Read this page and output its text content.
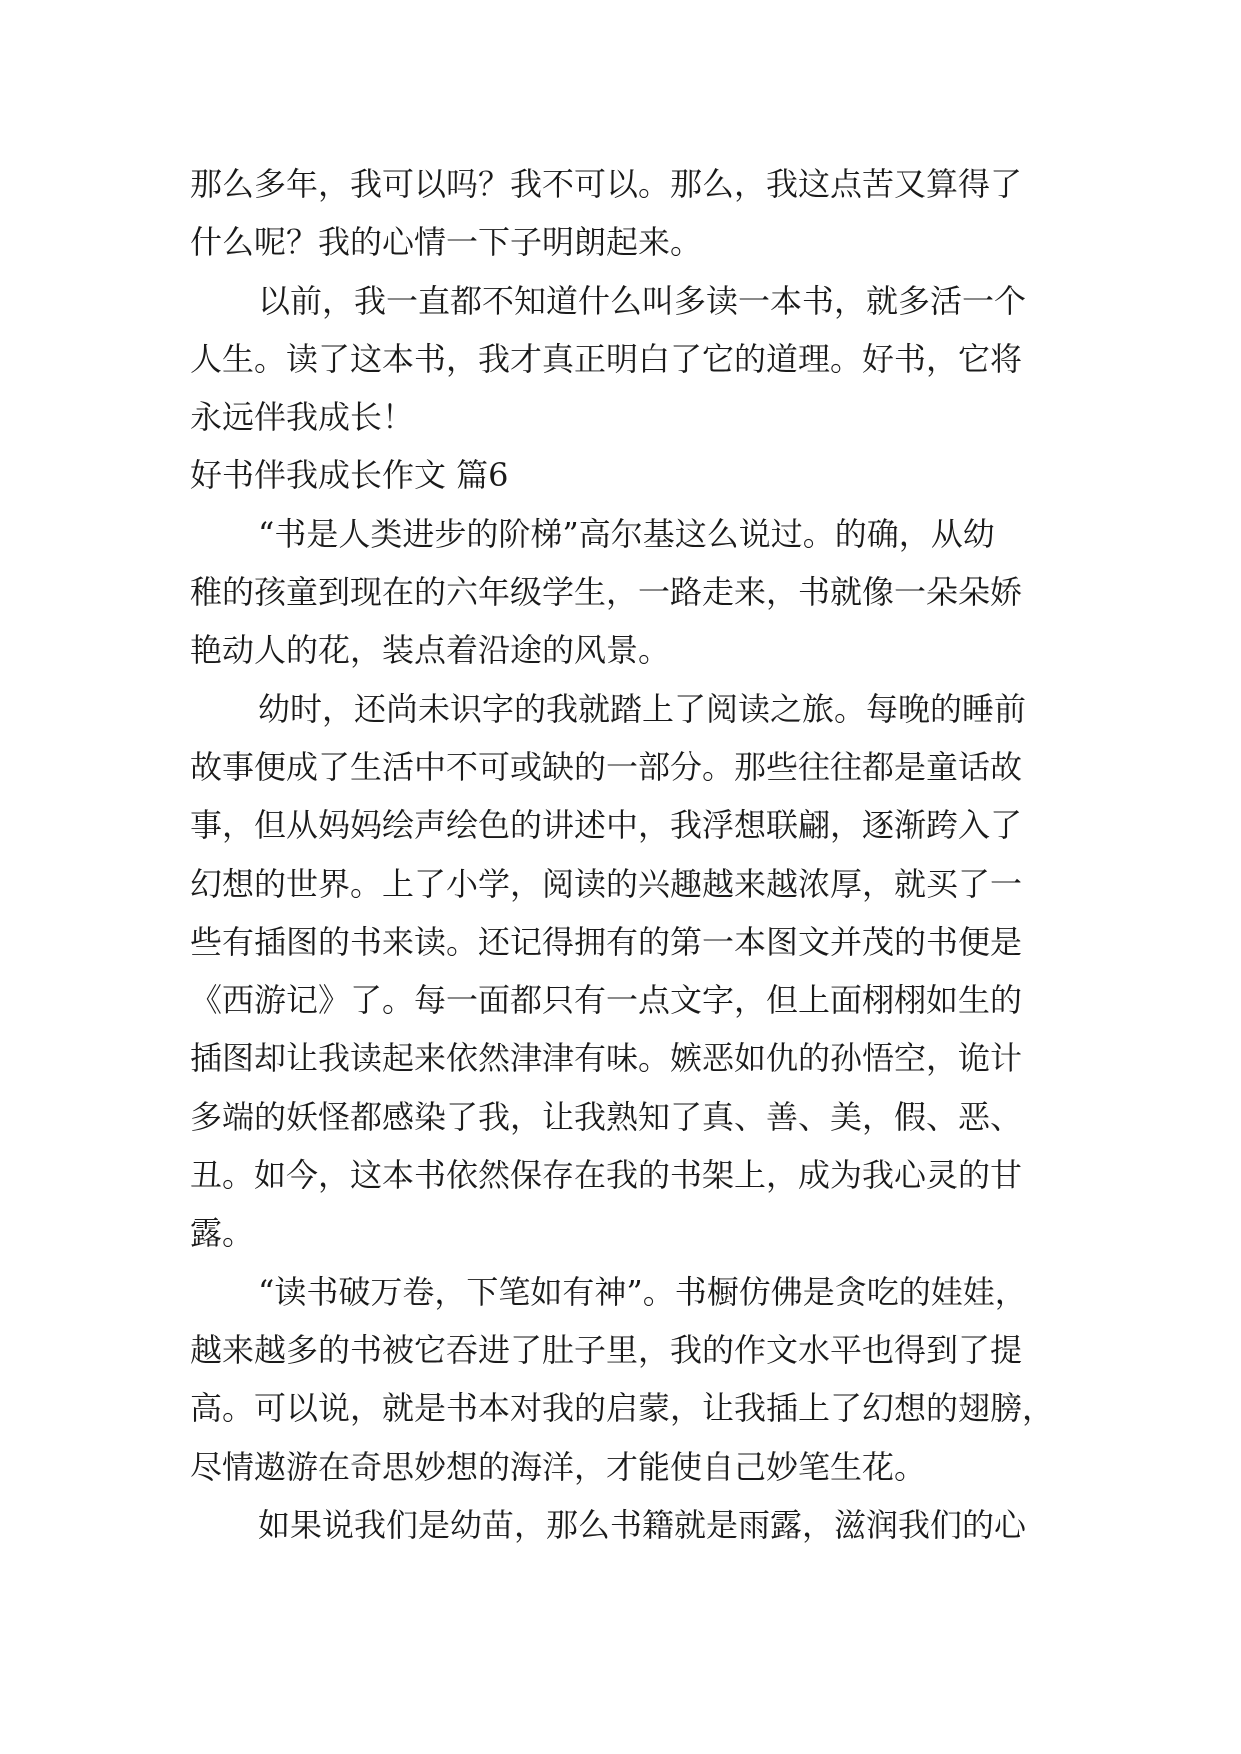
那么多年，我可以吗？我不可以。那么，我这点苦又算得了
什么呢？我的心情一下子明朗起来。
以前，我一直都不知道什么叫多读一本书，就多活一个
人生。读了这本书，我才真正明白了它的道理。好书，它将
永远伴我成长！
好书伴我成长作文 篇6
“书是人类进步的阶梯”高尔基这么说过。的确，从幼
稚的孩童到现在的六年级学生，一路走来，书就像一朵朵娇
艳动人的花，装点着沿途的风景。
幼时，还尚未识字的我就踏上了阅读之旅。每晚的睡前
故事便成了生活中不可或缺的一部分。那些往往都是童话故
事，但从妈妈绘声绘色的讲述中，我浮想联翩，逐渐跨入了
幻想的世界。上了小学，阅读的兴趣越来越浓厚，就买了一
些有插图的书来读。还记得拥有的第一本图文并茂的书便是
《西游记》了。每一面都只有一点文字，但上面栩栩如生的
插图却让我读起来依然津津有味。嫉恶如仇的孙悟空，诡计
多端的妖怪都感染了我，让我熟知了真、善、美，假、恶、
丑。如今，这本书依然保存在我的书架上，成为我心灵的甘
露。
“读书破万卷，下笔如有神”。书橱仿佛是贪吃的娃娃，
越来越多的书被它吞进了肚子里，我的作文水平也得到了提
高。可以说，就是书本对我的启蒙，让我插上了幻想的翅膀，
尽情遨游在奇思妙想的海洋，才能使自己妙笔生花。
如果说我们是幼苗，那么书籍就是雨露，滋润我们的心
